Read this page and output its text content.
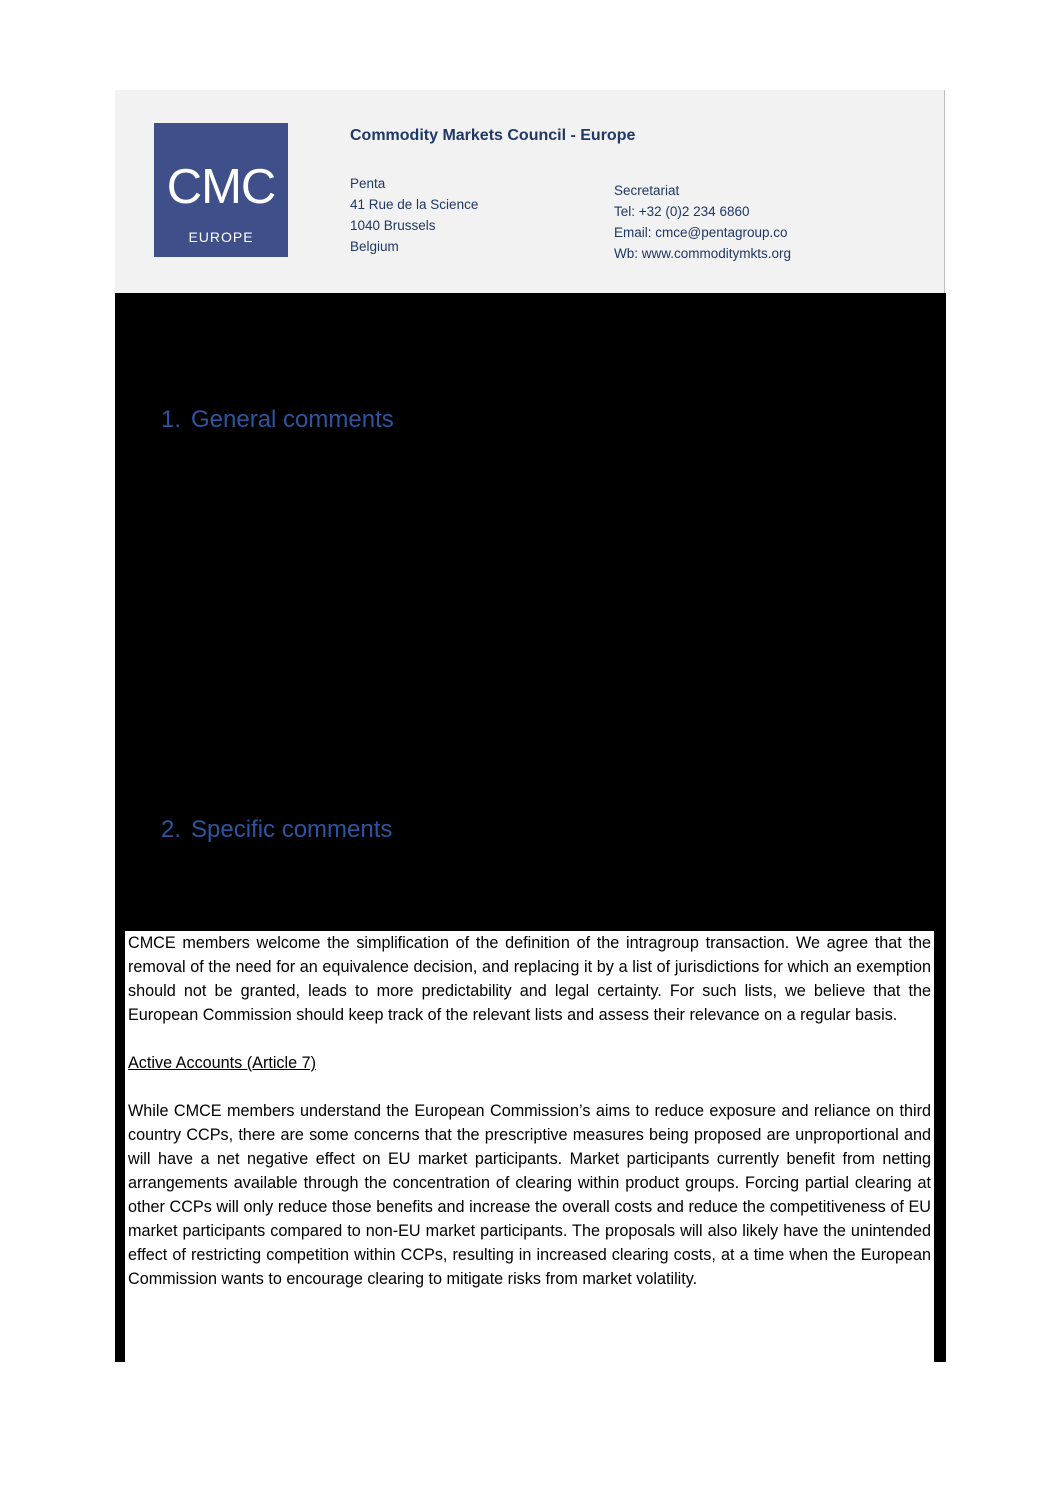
CMC
EUROPE
Commodity Markets Council - Europe
Penta
41 Rue de la Science
1040 Brussels
Belgium
Secretariat
Tel: +32 (0)2 234 6860
Email: cmce@pentagroup.co
Wb: www.commoditymkts.org
1. General comments
2. Specific comments

CMCE members welcome the simplification of the definition of the intragroup transaction. We agree that the removal of the need for an equivalence decision, and replacing it by a list of jurisdictions for which an exemption should not be granted, leads to more predictability and legal certainty. For such lists, we believe that the European Commission should keep track of the relevant lists and assess their relevance on a regular basis.

Active Accounts (Article 7)

While CMCE members understand the European Commission’s aims to reduce exposure and reliance on third country CCPs, there are some concerns that the prescriptive measures being proposed are unproportional and will have a net negative effect on EU market participants. Market participants currently benefit from netting arrangements available through the concentration of clearing within product groups. Forcing partial clearing at other CCPs will only reduce those benefits and increase the overall costs and reduce the competitiveness of EU market participants compared to non-EU market participants. The proposals will also likely have the unintended effect of restricting competition within CCPs, resulting in increased clearing costs, at a time when the European Commission wants to encourage clearing to mitigate risks from market volatility.
